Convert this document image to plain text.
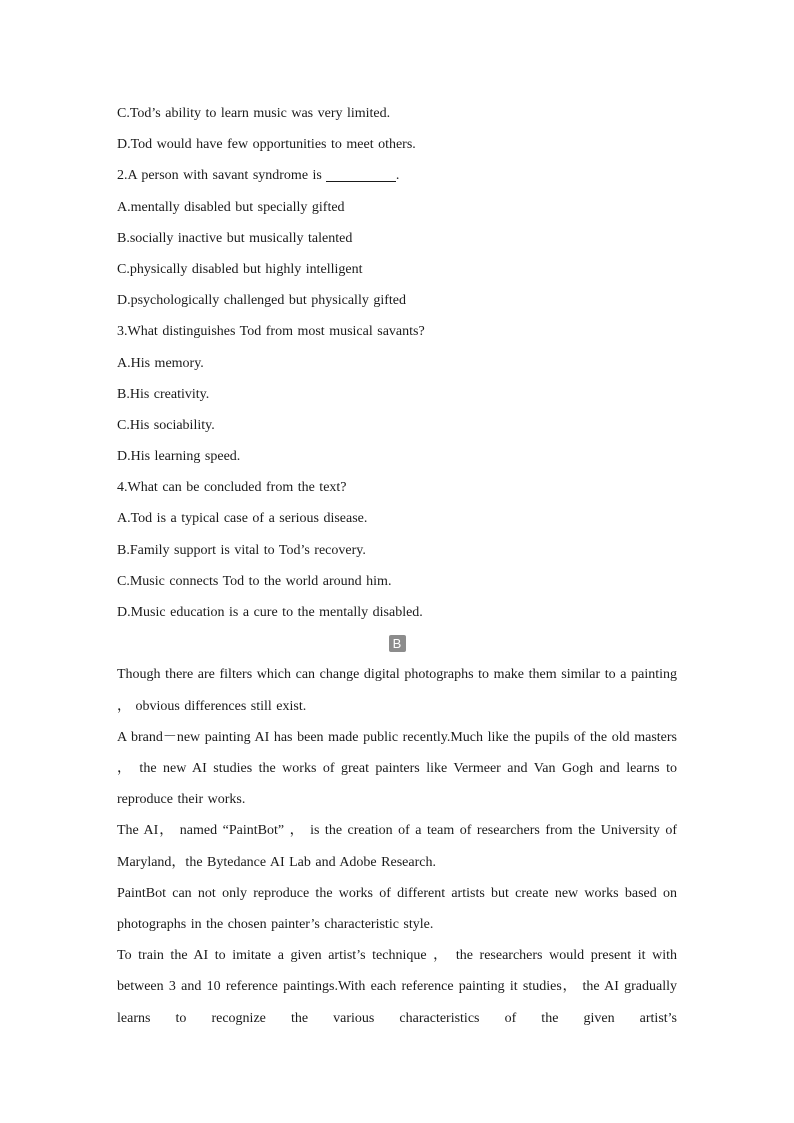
C.Tod’s ability to learn music was very limited.
D.Tod would have few opportunities to meet others.
2.A person with savant syndrome is	.
A.mentally disabled but specially gifted
B.socially inactive but musically talented
C.physically disabled but highly intelligent
D.psychologically challenged but physically gifted
3.What distinguishes Tod from most musical savants?
A.His memory.
B.His creativity.
C.His sociability.
D.His learning speed.
4.What can be concluded from the text?
A.Tod is a typical case of a serious disease.
B.Family support is vital to Tod’s recovery.
C.Music connects Tod to the world around him.
D.Music education is a cure to the mentally disabled.
B
Though there are filters which can change digital photographs to make them similar to a painting ， obvious differences still exist.
A brand－new painting AI has been made public recently.Much like the pupils of the old masters ， the new AI studies the works of great painters like Vermeer and Van Gogh and learns to reproduce their works.
The AI， named “PaintBot” ， is the creation of a team of researchers from the University of Maryland，the Bytedance AI Lab and Adobe Research.
PaintBot can not only reproduce the works of different artists but create new works based on photographs in the chosen painter’s characteristic style.
To train the AI to imitate a given artist’s technique ， the researchers would present it with between 3 and 10 reference paintings.With each reference painting it studies， the AI gradually learns to recognize the various characteristics of the given artist’s
